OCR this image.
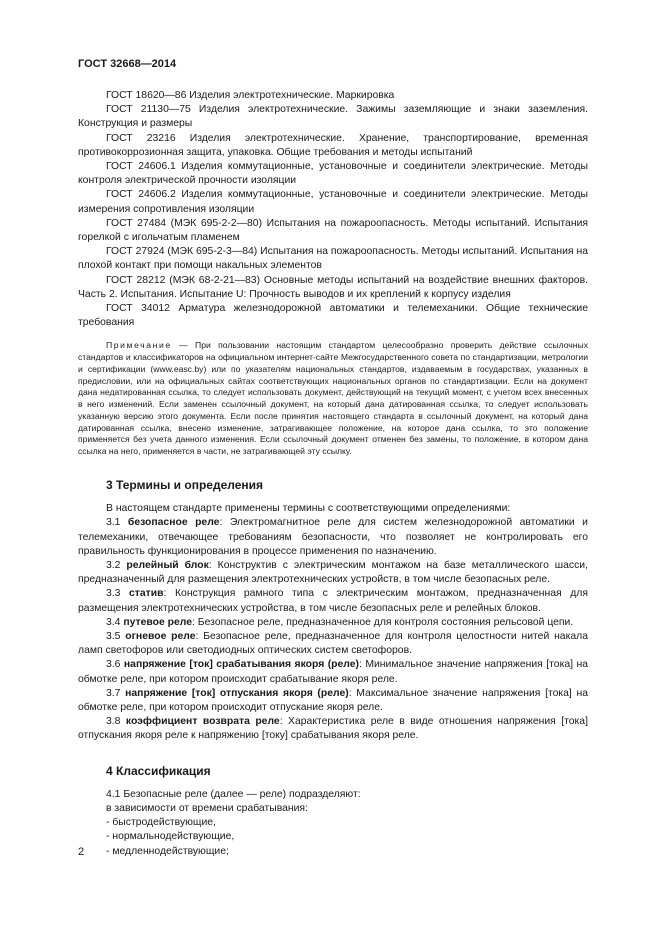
ГОСТ 32668—2014

ГОСТ 18620—86 Изделия электротехнические. Маркировка

ГОСТ 21130—75 Изделия электротехнические. Зажимы заземляющие и знаки заземления. Конструкция и размеры

ГОСТ 23216 Изделия электротехнические. Хранение, транспортирование, временная противокоррозионная защита, упаковка. Общие требования и методы испытаний

ГОСТ 24606.1 Изделия коммутационные, установочные и соединители электрические. Методы контроля электрической прочности изоляции

ГОСТ 24606.2 Изделия коммутационные, установочные и соединители электрические. Методы измерения сопротивления изоляции

ГОСТ 27484 (МЭК 695-2-2—80) Испытания на пожароопасность. Методы испытаний. Испытания горелкой с игольчатым пламенем

ГОСТ 27924 (МЭК 695-2-3—84) Испытания на пожароопасность. Методы испытаний. Испытания на плохой контакт при помощи накальных элементов

ГОСТ 28212 (МЭК 68-2-21—83) Основные методы испытаний на воздействие внешних факторов. Часть 2. Испытания. Испытание U: Прочность выводов и их креплений к корпусу изделия

ГОСТ 34012 Арматура железнодорожной автоматики и телемеханики. Общие технические требования

Примечание — При пользовании настоящим стандартом целесообразно проверить действие ссылочных стандартов и классификаторов на официальном интернет-сайте Межгосударственного совета по стандартизации, метрологии и сертификации (www.easc.by) или по указателям национальных стандартов, издаваемым в государствах, указанных в предисловии, или на официальных сайтах соответствующих национальных органов по стандартизации. Если на документ дана недатированная ссылка, то следует использовать документ, действующий на текущий момент, с учетом всех внесенных в него изменений. Если заменен ссылочный документ, на который дана датированная ссылка, то следует использовать указанную версию этого документа. Если после принятия настоящего стандарта в ссылочный документ, на который дана датированная ссылка, внесено изменение, затрагивающее положение, на которое дана ссылка, то это положение применяется без учета данного изменения. Если ссылочный документ отменен без замены, то положение, в котором дана ссылка на него, применяется в части, не затрагивающей эту ссылку.

3 Термины и определения

В настоящем стандарте применены термины с соответствующими определениями:

3.1 безопасное реле: Электромагнитное реле для систем железнодорожной автоматики и телемеханики, отвечающее требованиям безопасности, что позволяет не контролировать его правильность функционирования в процессе применения по назначению.

3.2 релейный блок: Конструктив с электрическим монтажом на базе металлического шасси, предназначенный для размещения электротехнических устройств, в том числе безопасных реле.

3.3 статив: Конструкция рамного типа с электрическим монтажом, предназначенная для размещения электротехнических устройства, в том числе безопасных реле и релейных блоков.

3.4 путевое реле: Безопасное реле, предназначенное для контроля состояния рельсовой цепи.

3.5 огневое реле: Безопасное реле, предназначенное для контроля целостности нитей накала ламп светофоров или светодиодных оптических систем светофоров.

3.6 напряжение [ток] срабатывания якоря (реле): Минимальное значение напряжения [тока] на обмотке реле, при котором происходит срабатывание якоря реле.

3.7 напряжение [ток] отпускания якоря (реле): Максимальное значение напряжения [тока] на обмотке реле, при котором происходит отпускание якоря реле.

3.8 коэффициент возврата реле: Характеристика реле в виде отношения напряжения [тока] отпускания якоря реле к напряжению [току] срабатывания якоря реле.

4 Классификация

4.1 Безопасные реле (далее — реле) подразделяют:

в зависимости от времени срабатывания:

- быстродействующие,
- нормальнодействующие,
- медленнодействующие;
2
